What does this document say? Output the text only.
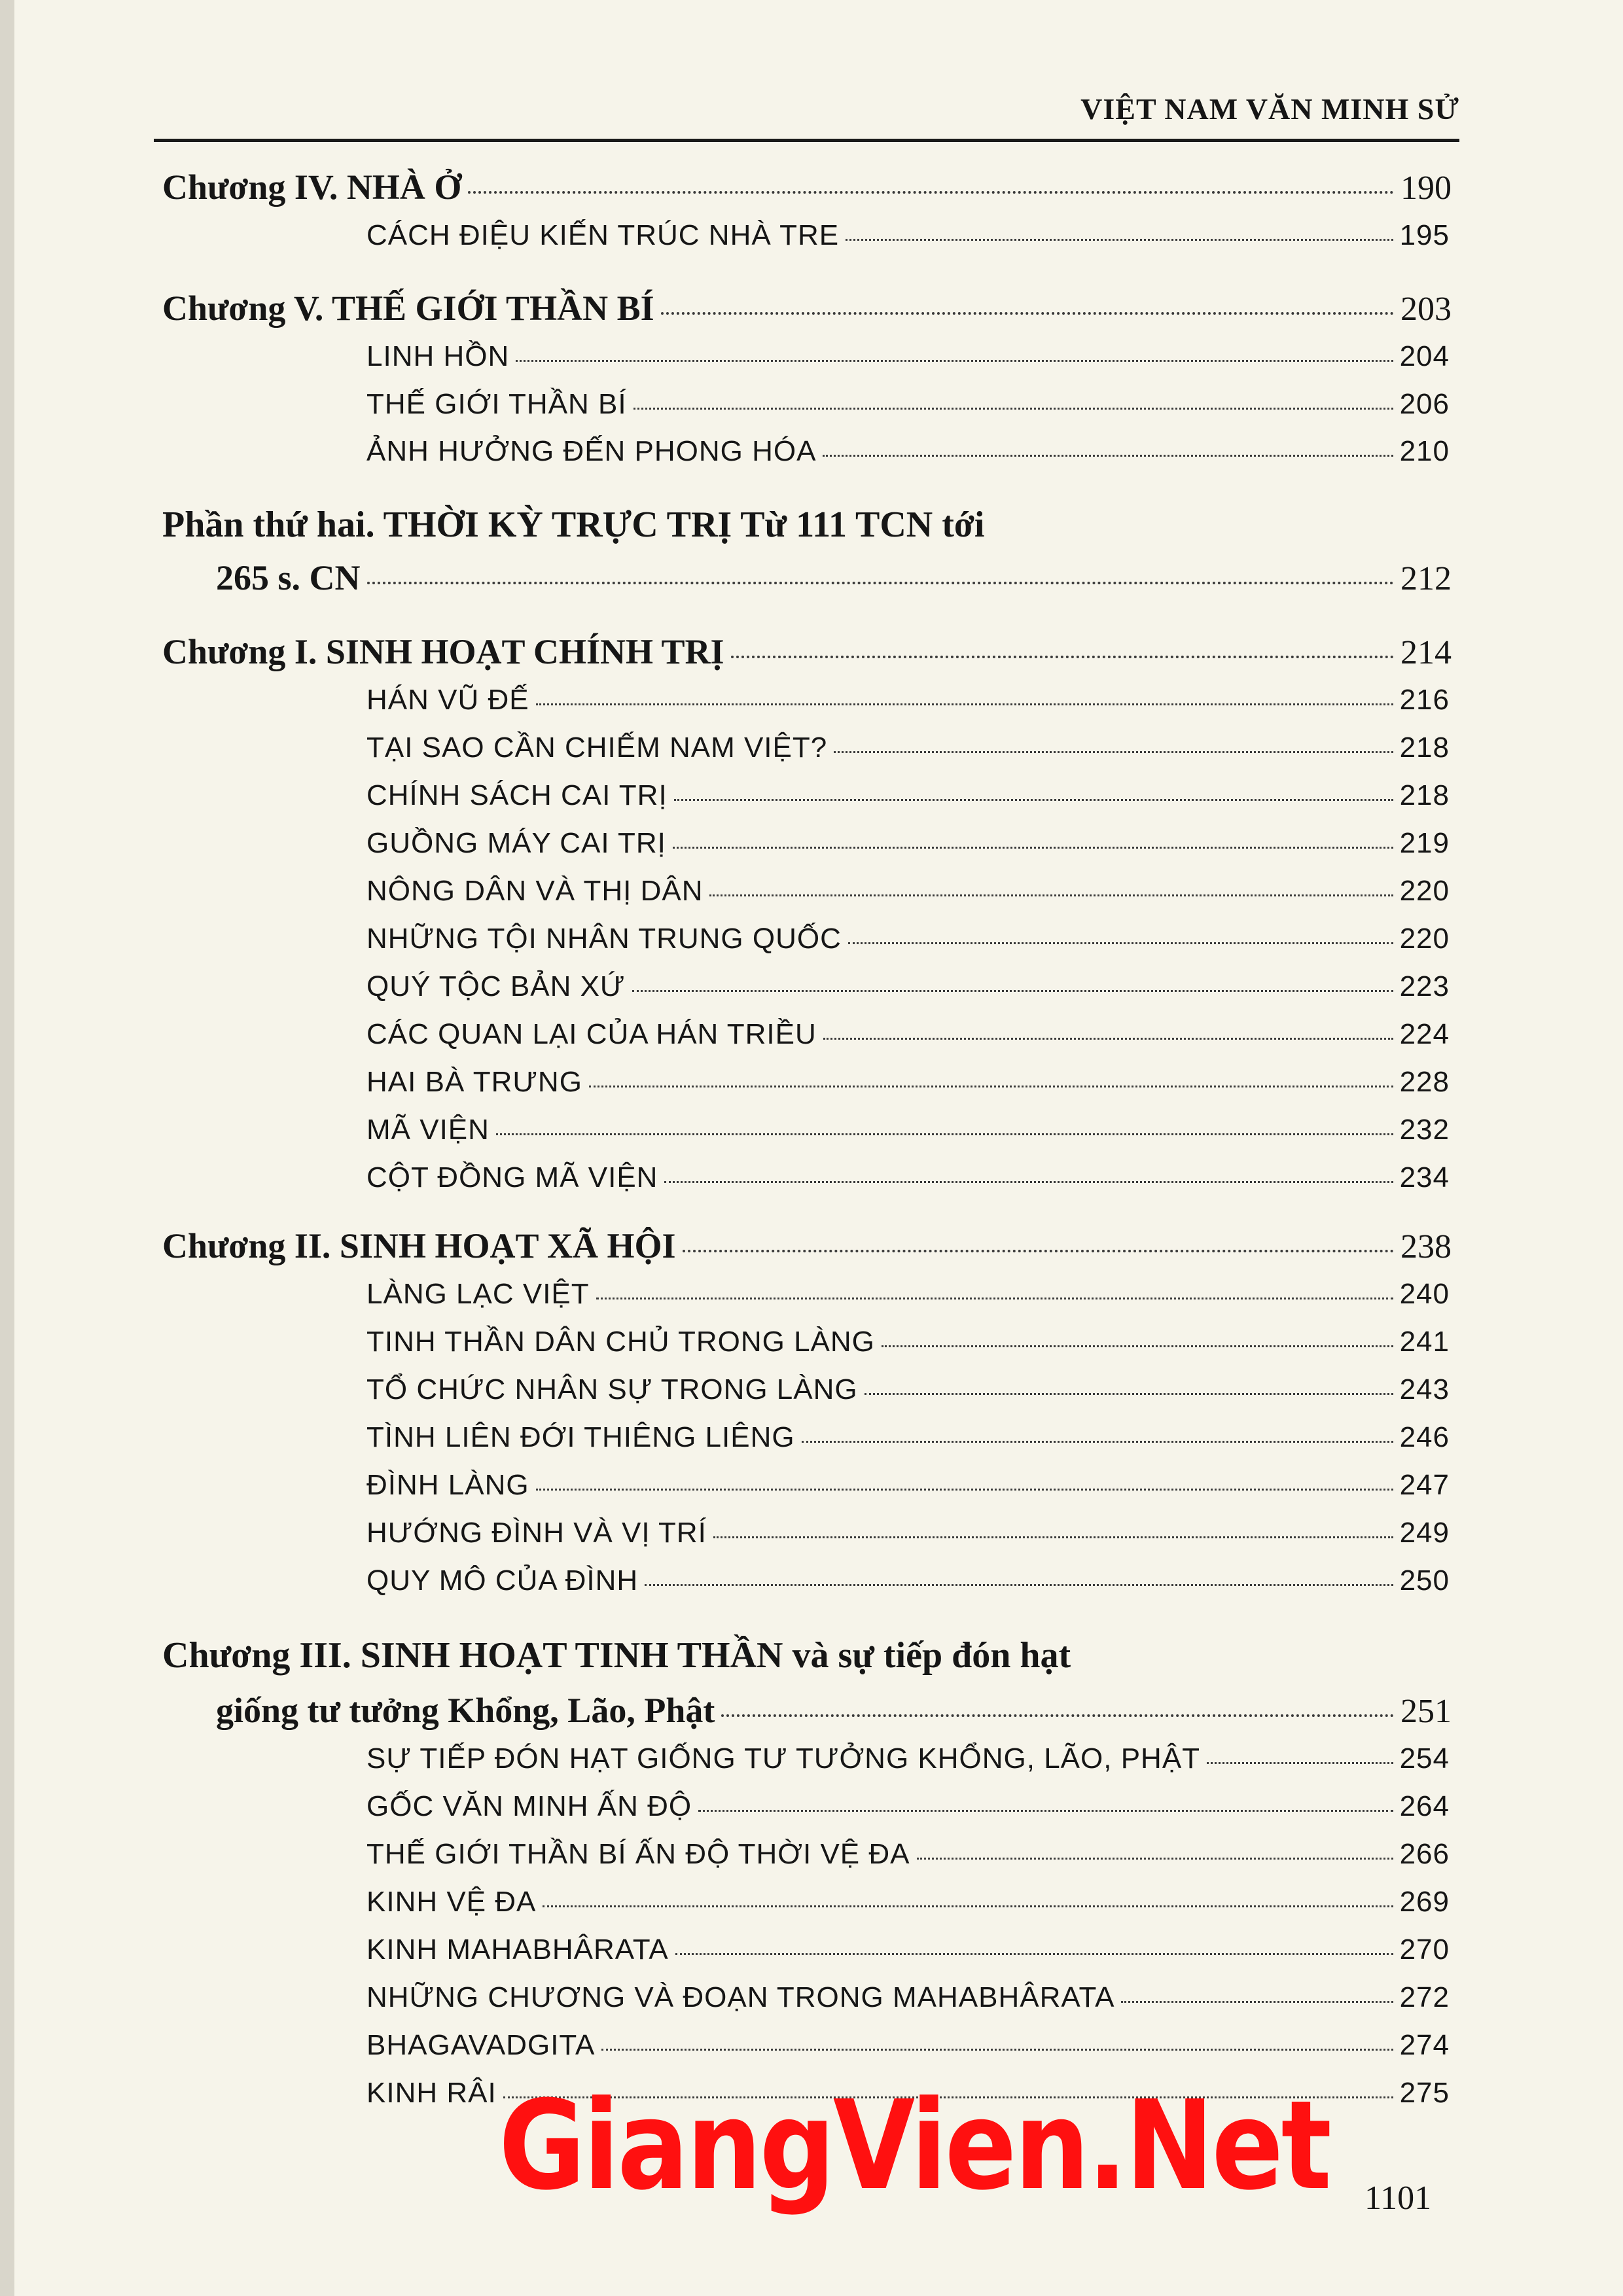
VIỆT NAM VĂN MINH SỬ
Chương IV. NHÀ Ở	190
CÁCH ĐIỆU KIẾN TRÚC NHÀ TRE	195
Chương V. THẾ GIỚI THẦN BÍ	203
LINH HỒN	204
THẾ GIỚI THẦN BÍ	206
ẢNH HƯỞNG ĐẾN PHONG HÓA	210
Phần thứ hai. THỜI KỲ TRỰC TRỊ Từ 111 TCN tới
265 s. CN	212
Chương I. SINH HOẠT CHÍNH TRỊ	214
HÁN VŨ ĐẾ	216
TẠI SAO CẦN CHIẾM NAM VIỆT?	218
CHÍNH SÁCH CAI TRỊ	218
GUỒNG MÁY CAI TRỊ	219
NÔNG DÂN VÀ THỊ DÂN	220
NHỮNG TỘI NHÂN TRUNG QUỐC	220
QUÝ TỘC BẢN XỨ	223
CÁC QUAN LẠI CỦA HÁN TRIỀU	224
HAI BÀ TRƯNG	228
MÃ VIỆN	232
CỘT ĐỒNG MÃ VIỆN	234
Chương II. SINH HOẠT XÃ HỘI	238
LÀNG LẠC VIỆT	240
TINH THẦN DÂN CHỦ TRONG LÀNG	241
TỔ CHỨC NHÂN SỰ TRONG LÀNG	243
TÌNH LIÊN ĐỚI THIÊNG LIÊNG	246
ĐÌNH LÀNG	247
HƯỚNG ĐÌNH VÀ VỊ TRÍ	249
QUY MÔ CỦA ĐÌNH	250
Chương III. SINH HOẠT TINH THẦN và sự tiếp đón hạt
giống tư tưởng Khổng, Lão, Phật	251
SỰ TIẾP ĐÓN HẠT GIỐNG TƯ TƯỞNG KHỔNG, LÃO, PHẬT	254
GỐC VĂN MINH ẤN ĐỘ	264
THẾ GIỚI THẦN BÍ ẤN ĐỘ THỜI VỆ ĐA	266
KINH VỆ ĐA	269
KINH MAHABHÂRATA	270
NHỮNG CHƯƠNG VÀ ĐOẠN TRONG MAHABHÂRATA	272
BHAGAVADGITA	274
KINH RÂI	275
GiangVien.Net 1101
